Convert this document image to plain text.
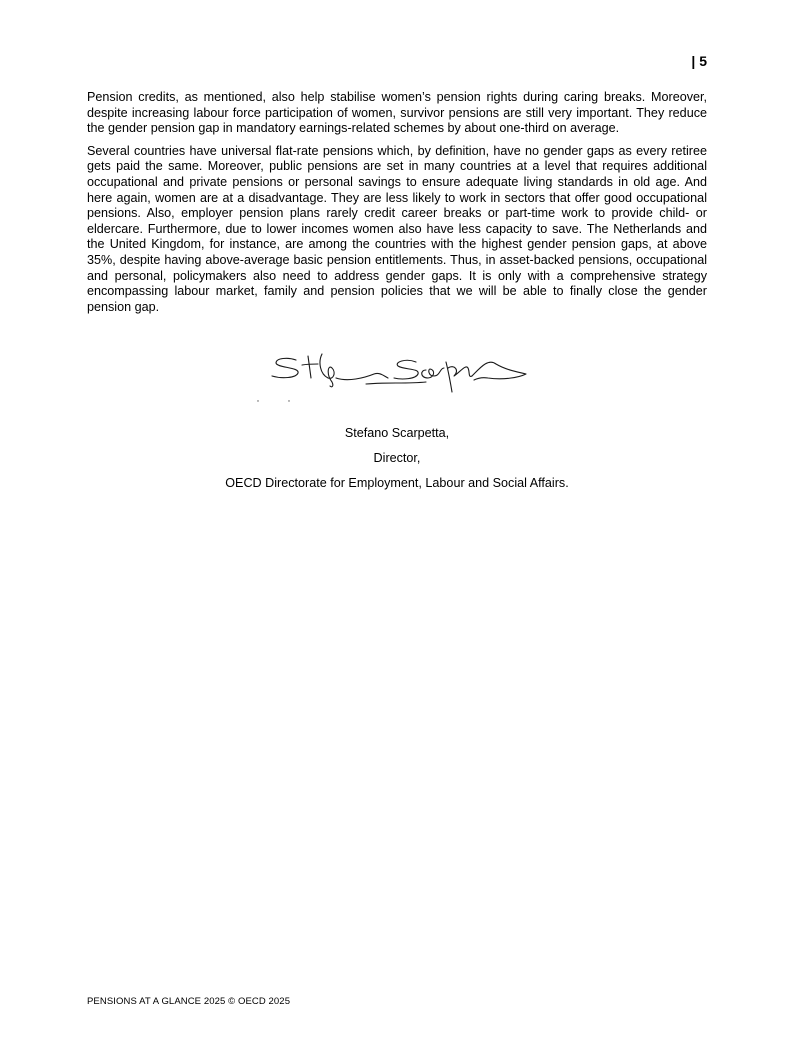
| 5

Pension credits, as mentioned, also help stabilise women’s pension rights during caring breaks. Moreover, despite increasing labour force participation of women, survivor pensions are still very important. They reduce the gender pension gap in mandatory earnings-related schemes by about one-third on average.

Several countries have universal flat-rate pensions which, by definition, have no gender gaps as every retiree gets paid the same. Moreover, public pensions are set in many countries at a level that requires additional occupational and private pensions or personal savings to ensure adequate living standards in old age. And here again, women are at a disadvantage. They are less likely to work in sectors that offer good occupational pensions. Also, employer pension plans rarely credit career breaks or part-time work to provide child- or eldercare. Furthermore, due to lower incomes women also have less capacity to save. The Netherlands and the United Kingdom, for instance, are among the countries with the highest gender pension gaps, at above 35%, despite having above-average basic pension entitlements. Thus, in asset-backed pensions, occupational and personal, policymakers also need to address gender gaps. It is only with a comprehensive strategy encompassing labour market, family and pension policies that we will be able to finally close the gender pension gap.

Stefano Scarpetta,
Director,
OECD Directorate for Employment, Labour and Social Affairs.
PENSIONS AT A GLANCE 2025 © OECD 2025
